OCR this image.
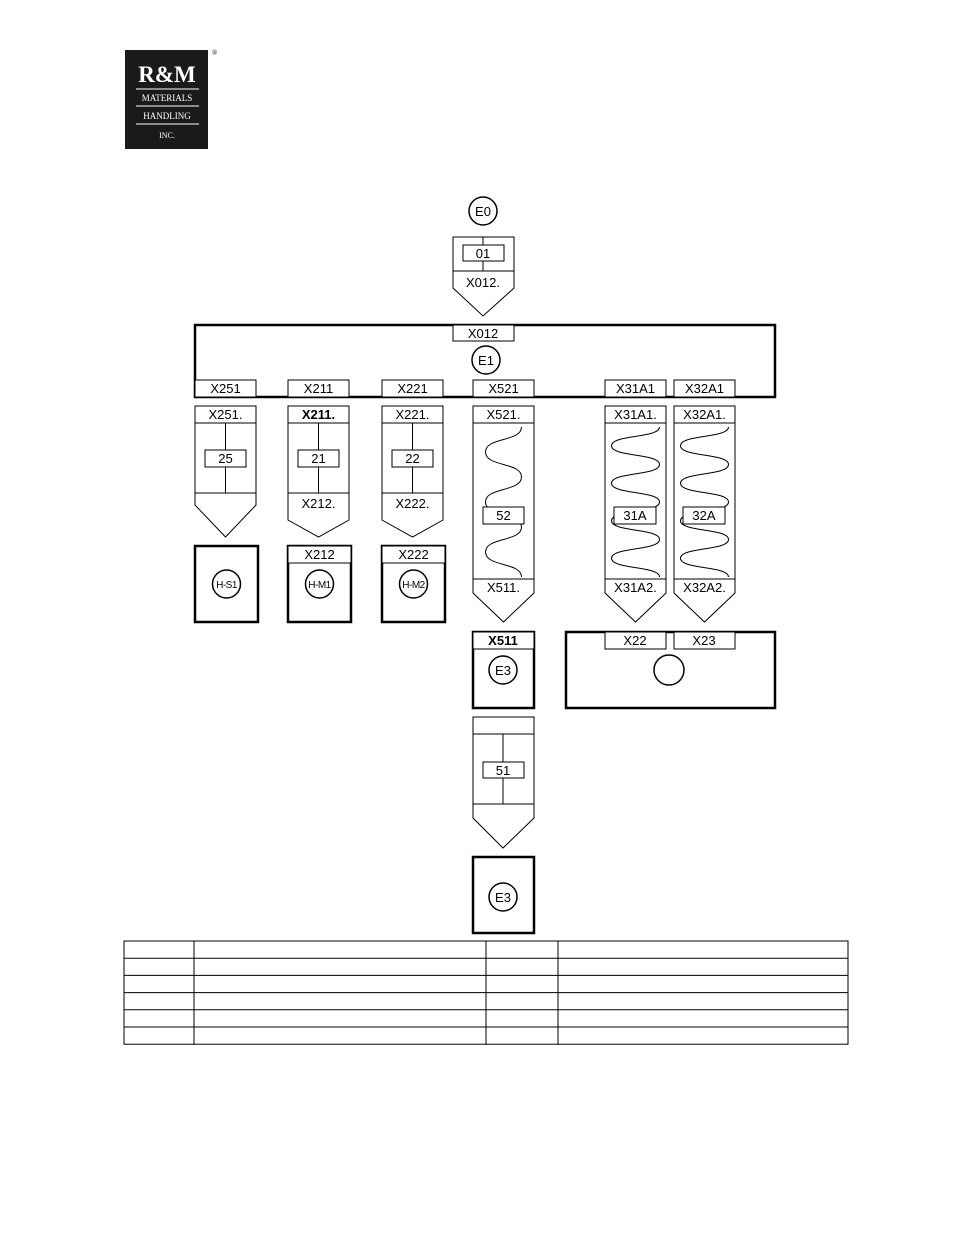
R&M
MATERIALS
HANDLING
INC.
®
E0
01
X012.
X012
E1
X251	X211	X221	X521	X31A1 X32A1
X251.
25
X211.
21
X212.
X221.
22
X222.
X521.
52
X511.
X31A1.
31A
X31A2.
X32A1.
32A
X32A2.
H-S1
X212
H-M1
X222
H-M2
X511
E3
X22	X23
51
E3
